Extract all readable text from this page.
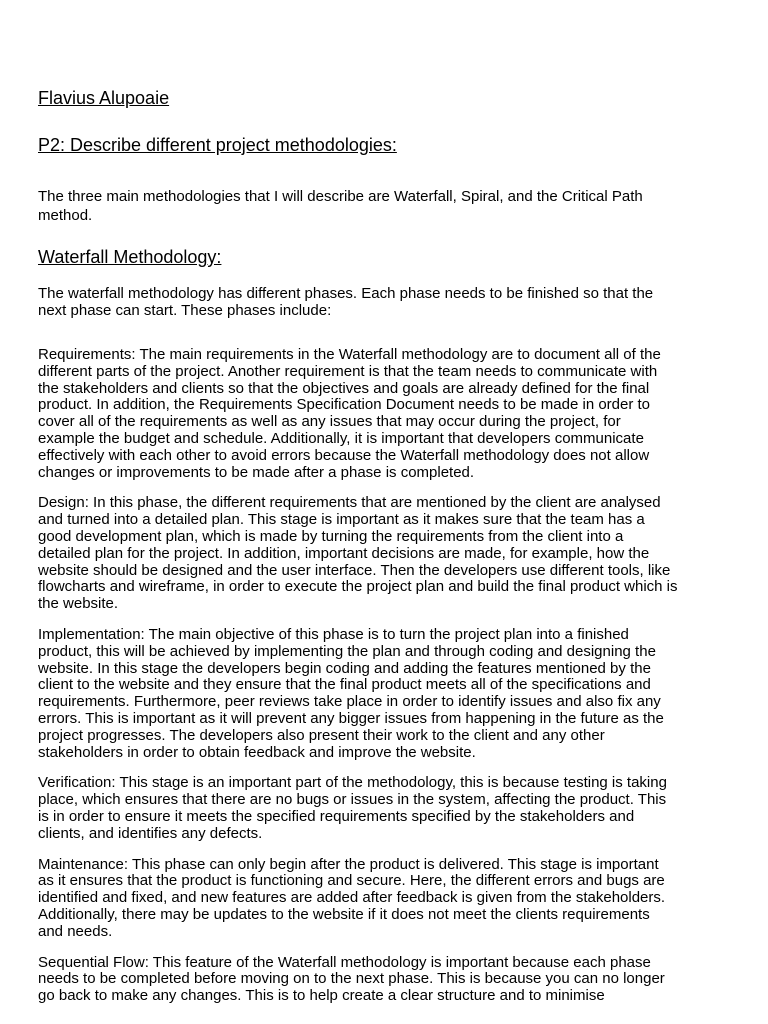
Flavius Alupoaie
P2: Describe different project methodologies:

The three main methodologies that I will describe are Waterfall, Spiral, and the Critical Path method.

Waterfall Methodology:

The waterfall methodology has different phases. Each phase needs to be finished so that the next phase can start. These phases include:

Requirements: The main requirements in the Waterfall methodology are to document all of the different parts of the project. Another requirement is that the team needs to communicate with the stakeholders and clients so that the objectives and goals are already defined for the final product. In addition, the Requirements Specification Document needs to be made in order to cover all of the requirements as well as any issues that may occur during the project, for example the budget and schedule. Additionally, it is important that developers communicate effectively with each other to avoid errors because the Waterfall methodology does not allow changes or improvements to be made after a phase is completed.

Design: In this phase, the different requirements that are mentioned by the client are analysed and turned into a detailed plan. This stage is important as it makes sure that the team has a good development plan, which is made by turning the requirements from the client into a detailed plan for the project. In addition, important decisions are made, for example, how the website should be designed and the user interface. Then the developers use different tools, like flowcharts and wireframe, in order to execute the project plan and build the final product which is the website.

Implementation: The main objective of this phase is to turn the project plan into a finished product, this will be achieved by implementing the plan and through coding and designing the website. In this stage the developers begin coding and adding the features mentioned by the client to the website and they ensure that the final product meets all of the specifications and requirements. Furthermore, peer reviews take place in order to identify issues and also fix any errors. This is important as it will prevent any bigger issues from happening in the future as the project progresses. The developers also present their work to the client and any other stakeholders in order to obtain feedback and improve the website.

Verification: This stage is an important part of the methodology, this is because testing is taking place, which ensures that there are no bugs or issues in the system, affecting the product. This is in order to ensure it meets the specified requirements specified by the stakeholders and clients, and identifies any defects.

Maintenance: This phase can only begin after the product is delivered. This stage is important as it ensures that the product is functioning and secure. Here, the different errors and bugs are identified and fixed, and new features are added after feedback is given from the stakeholders. Additionally, there may be updates to the website if it does not meet the clients requirements and needs.

Sequential Flow: This feature of the Waterfall methodology is important because each phase needs to be completed before moving on to the next phase. This is because you can no longer go back to make any changes. This is to help create a clear structure and to minimise
